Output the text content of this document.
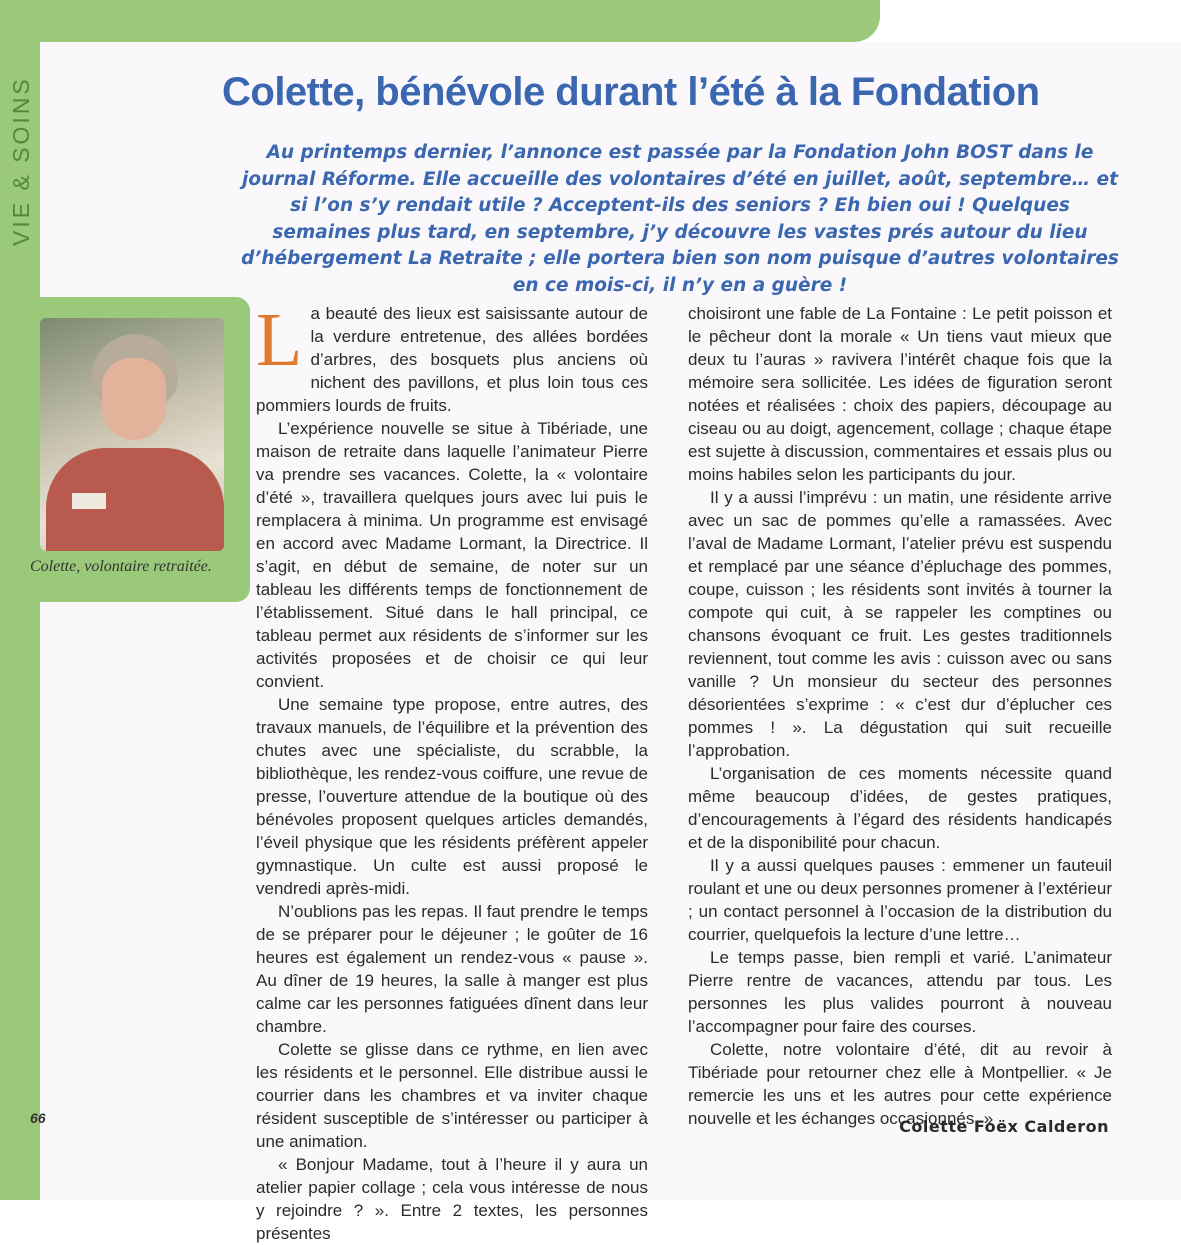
VIE & SOINS	Colette, bénévole durant l’été à la Fondation

Au printemps dernier, l’annonce est passée par la Fondation John BOST dans le journal Réforme. Elle accueille des volontaires d’été en juillet, août, septembre… et si l’on s’y rendait utile ? Acceptent-ils des seniors ? Eh bien oui ! Quelques semaines plus tard, en septembre, j’y découvre les vastes prés autour du lieu d’hébergement La Retraite ; elle portera bien son nom puisque d’autres volontaires en ce mois-ci, il n’y en a guère !

Colette, volontaire retraitée.

La beauté des lieux est saisissante autour de la verdure entretenue, des allées bordées d’arbres, des bosquets plus anciens où nichent des pavillons, et plus loin tous ces pommiers lourds de fruits.

L’expérience nouvelle se situe à Tibériade, une maison de retraite dans laquelle l’animateur Pierre va prendre ses vacances. Colette, la « volontaire d’été », travaillera quelques jours avec lui puis le remplacera à minima. Un programme est envisagé en accord avec Madame Lormant, la Directrice. Il s’agit, en début de semaine, de noter sur un tableau les différents temps de fonctionnement de l’établissement. Situé dans le hall principal, ce tableau permet aux résidents de s’informer sur les activités proposées et de choisir ce qui leur convient.

Une semaine type propose, entre autres, des travaux manuels, de l’équilibre et la prévention des chutes avec une spécialiste, du scrabble, la bibliothèque, les rendez-vous coiffure, une revue de presse, l’ouverture attendue de la boutique où des bénévoles proposent quelques articles demandés, l’éveil physique que les résidents préfèrent appeler gymnastique. Un culte est aussi proposé le vendredi après-midi.

N’oublions pas les repas. Il faut prendre le temps de se préparer pour le déjeuner ; le goûter de 16 heures est également un rendez-vous « pause ». Au dîner de 19 heures, la salle à manger est plus calme car les personnes fatiguées dînent dans leur chambre.

Colette se glisse dans ce rythme, en lien avec les résidents et le personnel. Elle distribue aussi le courrier dans les chambres et va inviter chaque résident susceptible de s’intéresser ou participer à une animation.

« Bonjour Madame, tout à l’heure il y aura un atelier papier collage ; cela vous intéresse de nous y rejoindre ? ». Entre 2 textes, les personnes présentes

choisiront une fable de La Fontaine : Le petit poisson et le pêcheur dont la morale « Un tiens vaut mieux que deux tu l’auras » ravivera l’intérêt chaque fois que la mémoire sera sollicitée. Les idées de figuration seront notées et réalisées : choix des papiers, découpage au ciseau ou au doigt, agencement, collage ; chaque étape est sujette à discussion, commentaires et essais plus ou moins habiles selon les participants du jour.

Il y a aussi l’imprévu : un matin, une résidente arrive avec un sac de pommes qu’elle a ramassées. Avec l’aval de Madame Lormant, l’atelier prévu est suspendu et remplacé par une séance d’épluchage des pommes, coupe, cuisson ; les résidents sont invités à tourner la compote qui cuit, à se rappeler les comptines ou chansons évoquant ce fruit. Les gestes traditionnels reviennent, tout comme les avis : cuisson avec ou sans vanille ? Un monsieur du secteur des personnes désorientées s’exprime : « c’est dur d’éplucher ces pommes ! ». La dégustation qui suit recueille l’approbation.

L’organisation de ces moments nécessite quand même beaucoup d’idées, de gestes pratiques, d’encouragements à l’égard des résidents handicapés et de la disponibilité pour chacun.

Il y a aussi quelques pauses : emmener un fauteuil roulant et une ou deux personnes promener à l’extérieur ; un contact personnel à l’occasion de la distribution du courrier, quelquefois la lecture d’une lettre…

Le temps passe, bien rempli et varié. L’animateur Pierre rentre de vacances, attendu par tous. Les personnes les plus valides pourront à nouveau l’accompagner pour faire des courses.

Colette, notre volontaire d’été, dit au revoir à Tibériade pour retourner chez elle à Montpellier. « Je remercie les uns et les autres pour cette expérience nouvelle et les échanges occasionnés. »

66	Colette Foëx Calderon
